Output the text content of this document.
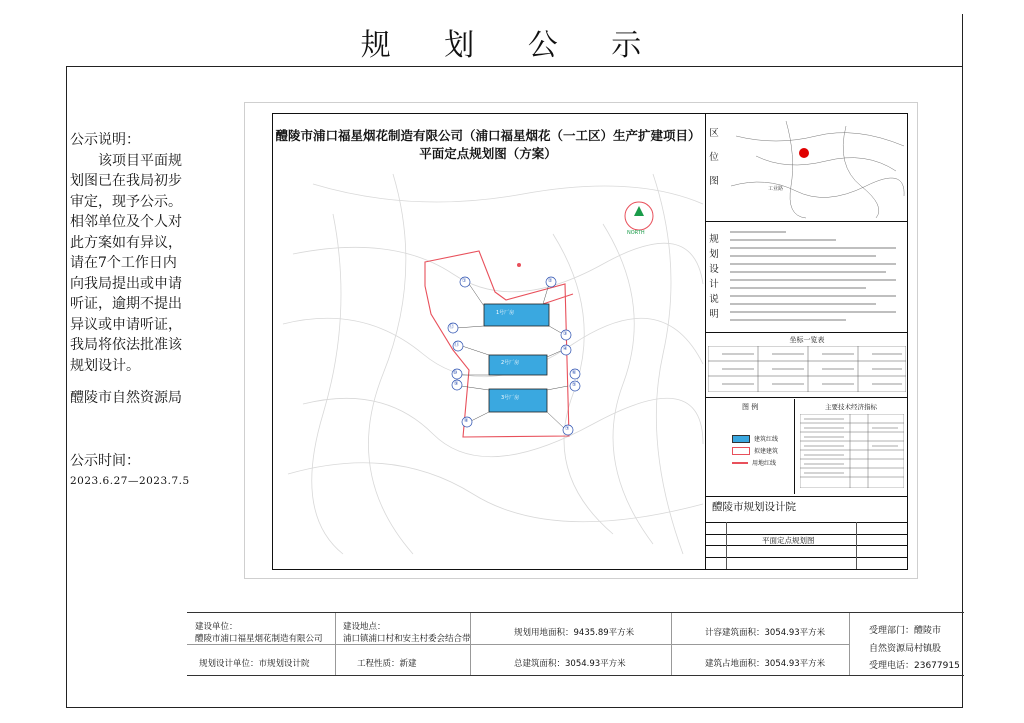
规 划 公 示

公示说明：

该项目平面规划图已在我局初步审定，现予公示。相邻单位及个人对此方案如有异议，请在7个工作日内向我局提出或申请听证，逾期不提出异议或申请听证，我局将依法批准该规划设计。

醴陵市自然资源局

公示时间：

2023.6.27—2023.7.5

醴陵市浦口福星烟花制造有限公司（浦口福星烟花（一工区）生产扩建项目）
平面定点规划图（方案）
NORTH
1号厂房
2号厂房
3号厂房
①	②
③
④
⑤
⑥
⑦
⑧
⑨
⑩
⑪
⑫
区
位
图
工业路
规
划
设
计
说
明
坐标一览表
图 例
建筑红线
拟建建筑
用地红线
主要技术经济指标
醴陵市规划设计院
平面定点规划图
建设单位：
醴陵市浦口福星烟花制造有限公司
建设地点：
浦口镇浦口村和安主村委会结合带
规划用地面积：9435.89平方米	计容建筑面积：3054.93平方米
规划设计单位：市规划设计院	工程性质：新建	总建筑面积：3054.93平方米	建筑占地面积：3054.93平方米
受理部门：醴陵市
自然资源局村镇股
受理电话：23677915
